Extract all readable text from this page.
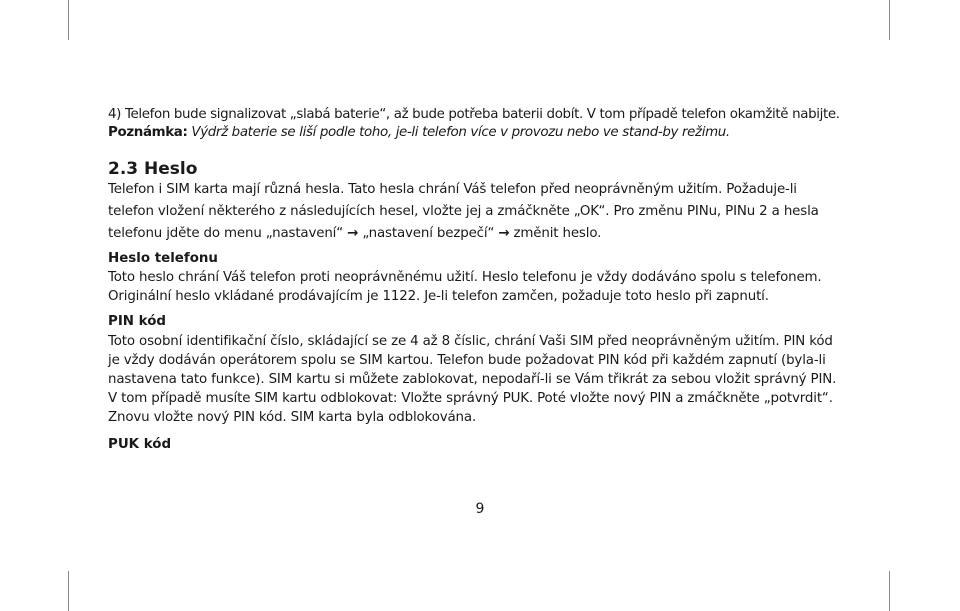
4) Telefon bude signalizovat „slabá baterie“, až bude potřeba baterii dobít. V tom případě telefon okamžitě nabijte.
Poznámka: Výdrž baterie se liší podle toho, je-li telefon více v provozu nebo ve stand-by režimu.
2.3 Heslo
Telefon i SIM karta mají různá hesla. Tato hesla chrání Váš telefon před neoprávněným užitím. Požaduje-li
telefon vložení některého z následujících hesel, vložte jej a zmáčkněte „OK“. Pro změnu PINu, PINu 2 a hesla
telefonu jděte do menu „nastavení“ → „nastavení bezpečí“ → změnit heslo.
Heslo telefonu
Toto heslo chrání Váš telefon proti neoprávněnému užití. Heslo telefonu je vždy dodáváno spolu s telefonem.
Originální heslo vkládané prodávajícím je 1122. Je-li telefon zamčen, požaduje toto heslo při zapnutí.
PIN kód
Toto osobní identifikační číslo, skládající se ze 4 až 8 číslic, chrání Vaši SIM před neoprávněným užitím. PIN kód
je vždy dodáván operátorem spolu se SIM kartou. Telefon bude požadovat PIN kód při každém zapnutí (byla-li
nastavena tato funkce). SIM kartu si můžete zablokovat, nepodaří-li se Vám třikrát za sebou vložit správný PIN.
V tom případě musíte SIM kartu odblokovat: Vložte správný PUK. Poté vložte nový PIN a zmáčkněte „potvrdit“.
Znovu vložte nový PIN kód. SIM karta byla odblokována.
PUK kód
9
